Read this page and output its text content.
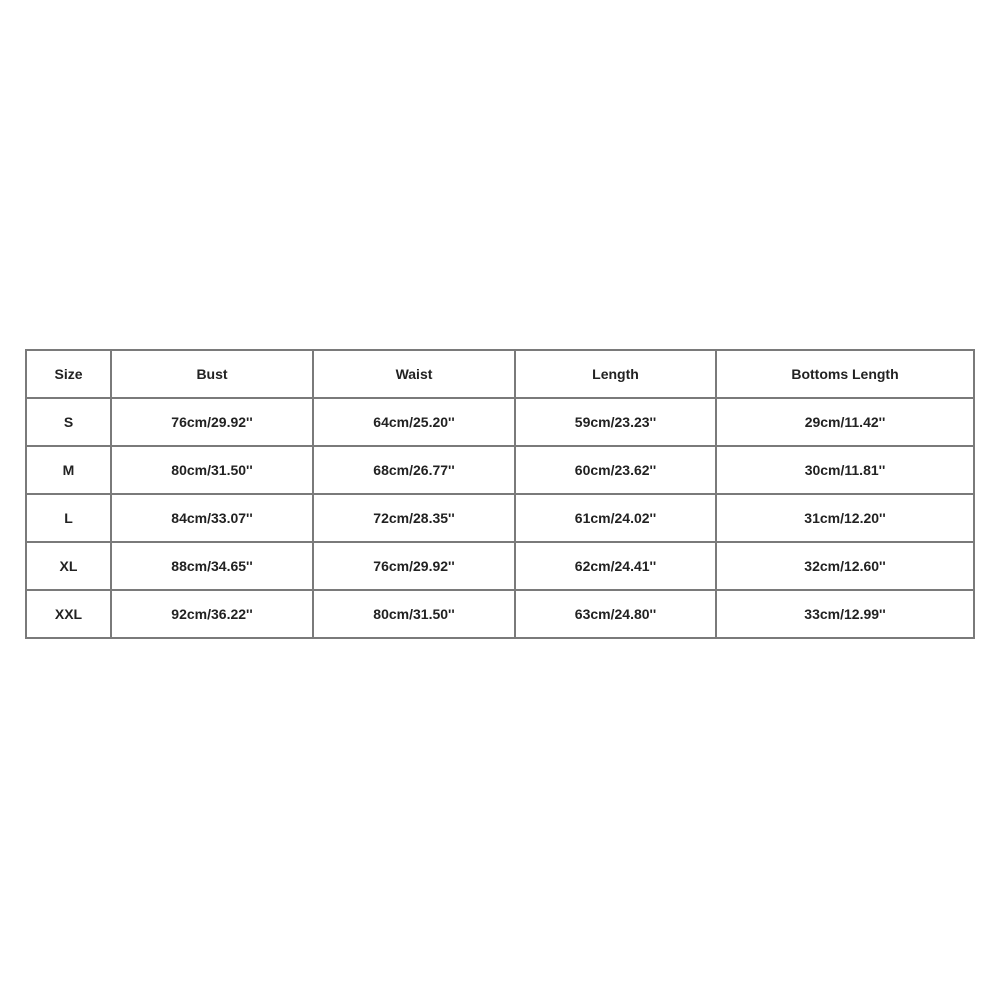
Size	Bust	Waist	Length	Bottoms Length
S	76cm/29.92''	64cm/25.20''	59cm/23.23''	29cm/11.42''
M	80cm/31.50''	68cm/26.77''	60cm/23.62''	30cm/11.81''
L	84cm/33.07''	72cm/28.35''	61cm/24.02''	31cm/12.20''
XL	88cm/34.65''	76cm/29.92''	62cm/24.41''	32cm/12.60''
XXL	92cm/36.22''	80cm/31.50''	63cm/24.80''	33cm/12.99''
